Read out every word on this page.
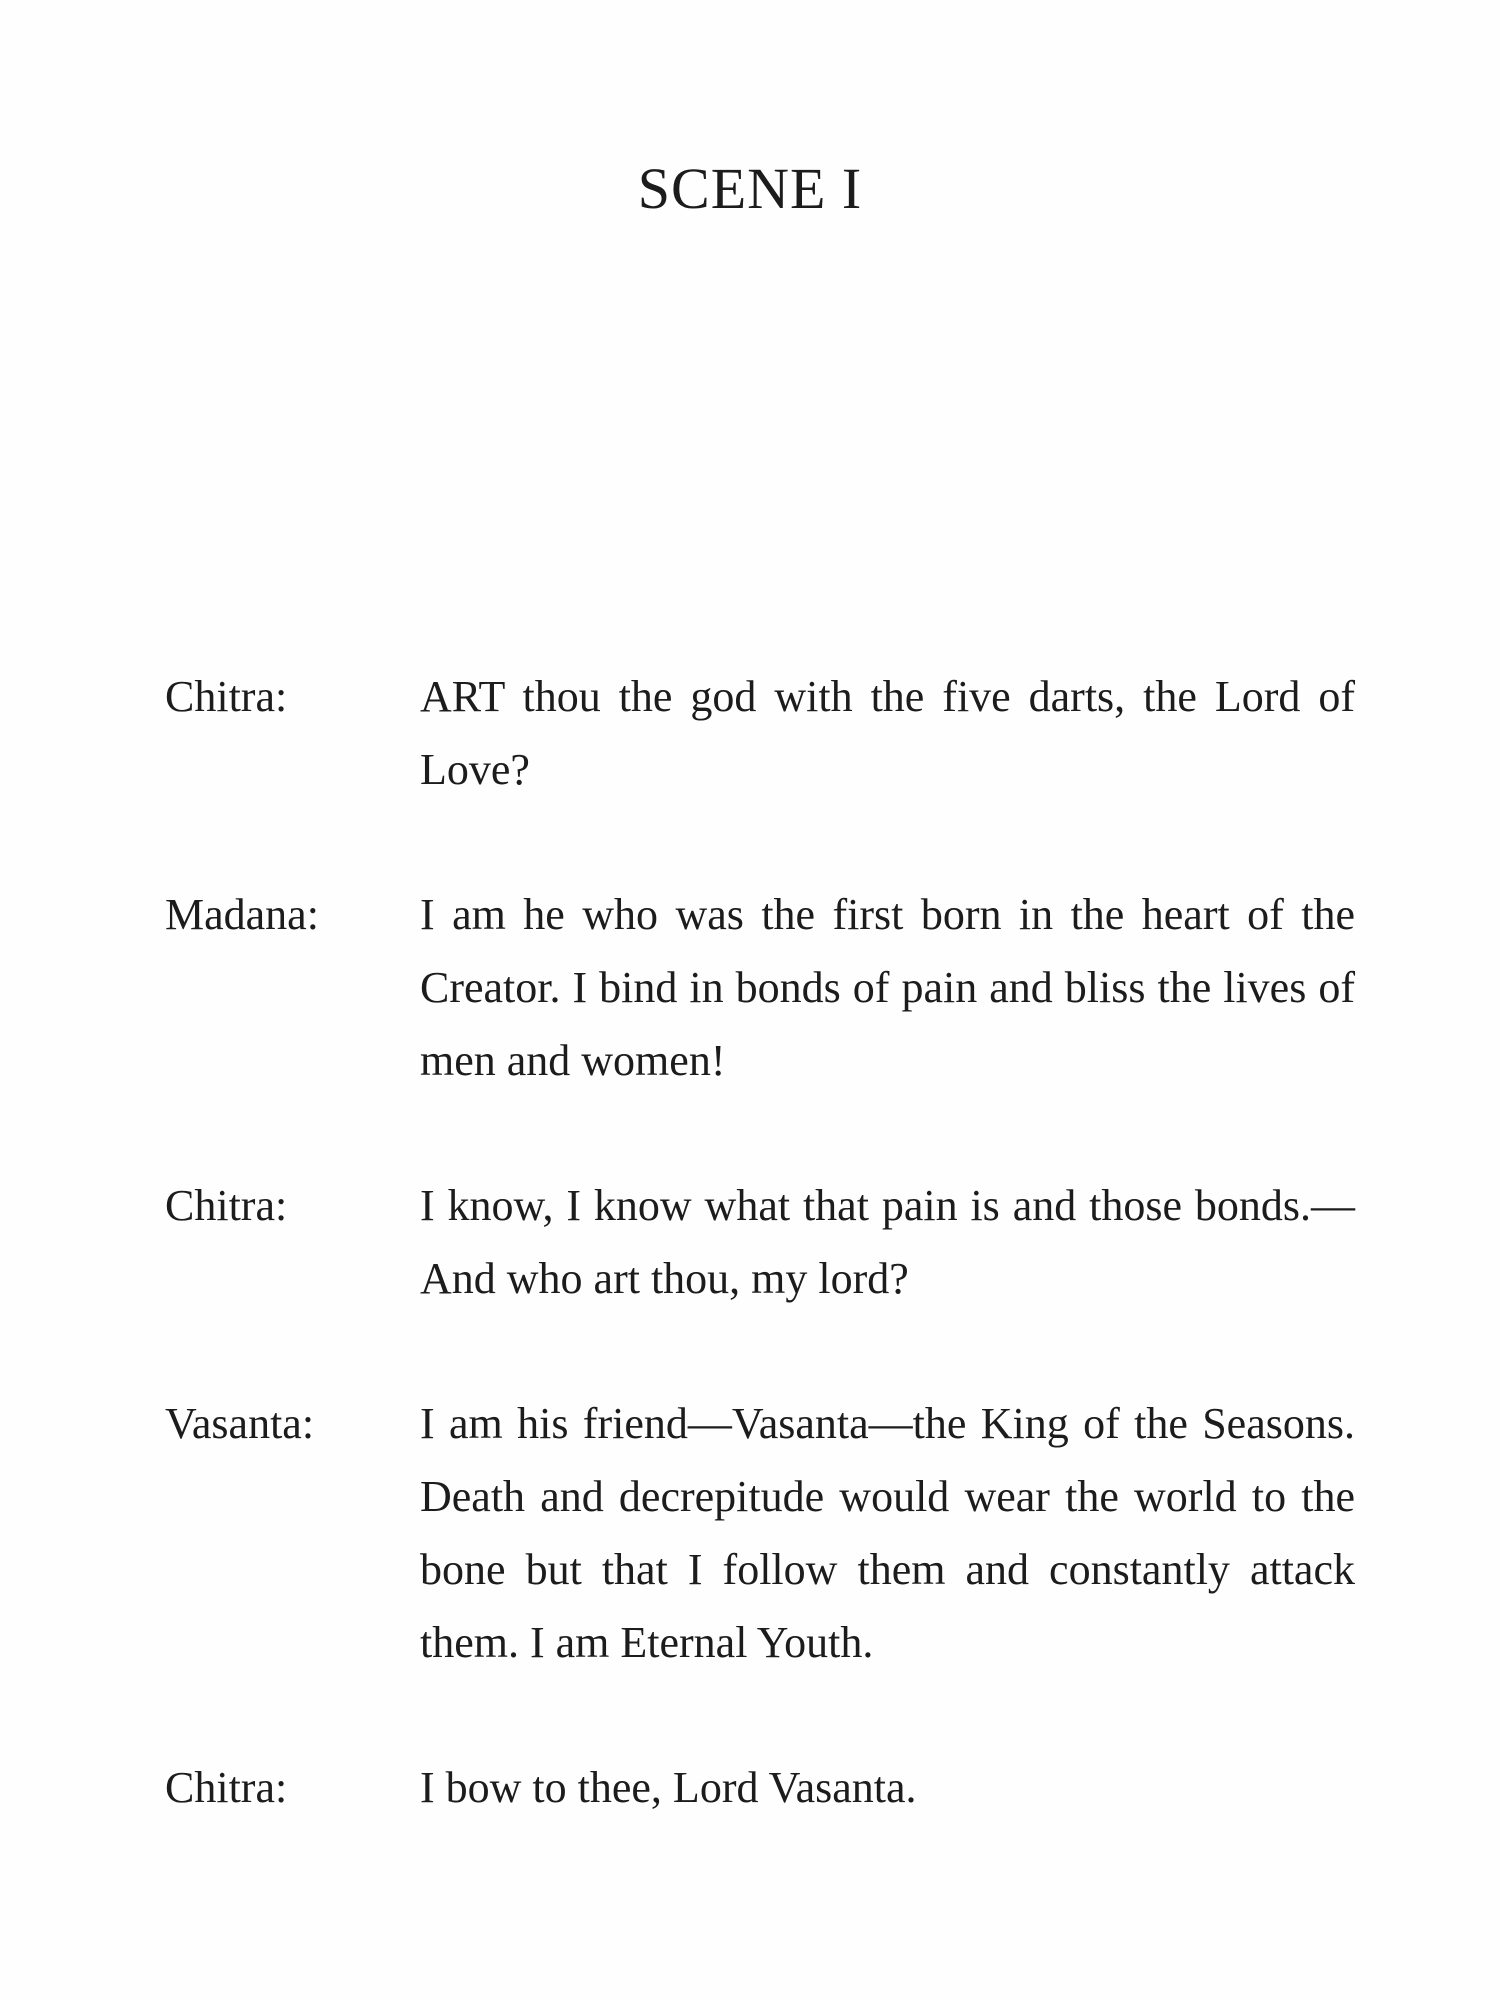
SCENE I
Chitra:	ART thou the god with the five darts, the Lord of Love?

Madana:	I am he who was the first born in the heart of the Creator. I bind in bonds of pain and bliss the lives of men and women!

Chitra:	I know, I know what that pain is and those bonds.—And who art thou, my lord?

Vasanta:	I am his friend—Vasanta—the King of the Seasons. Death and decrepitude would wear the world to the bone but that I follow them and constantly attack them. I am Eternal Youth.

Chitra:	I bow to thee, Lord Vasanta.
